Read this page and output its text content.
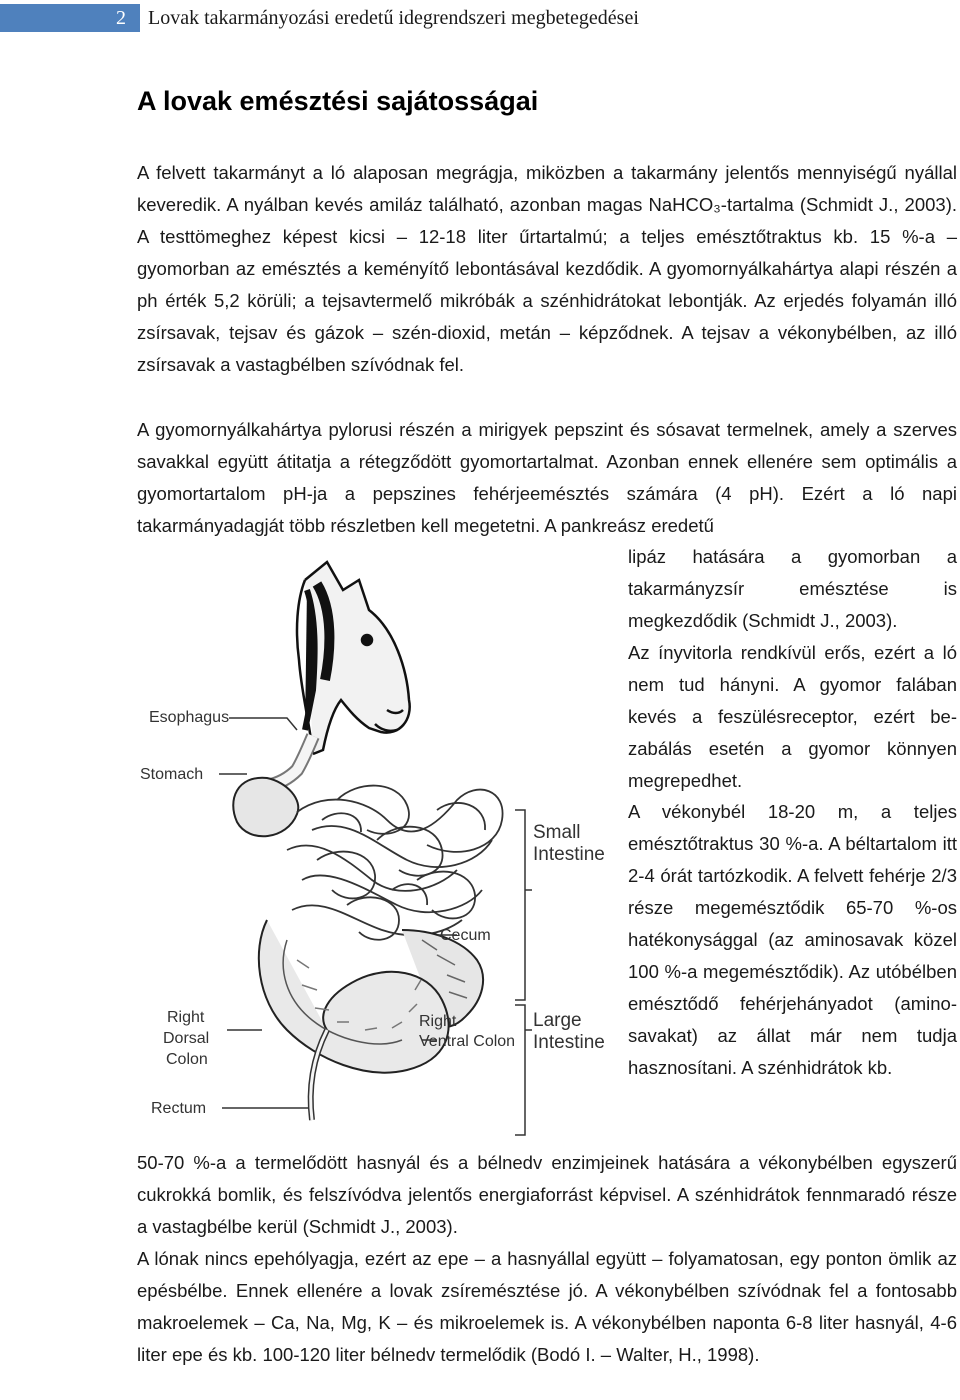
2	Lovak takarmányozási eredetű idegrendszeri megbetegedései
A lovak emésztési sajátosságai

A felvett takarmányt a ló alaposan megrágja, miközben a takarmány jelentős mennyiségű nyállal keveredik. A nyálban kevés amiláz található, azonban magas NaHCO₃-tartalma (Schmidt J., 2003). A testtömeghez képest kicsi – 12-18 liter űrtartalmú; a teljes emésztőtraktus kb. 15 %-a – gyomorban az emésztés a keményítő lebontásával kezdődik. A gyomornyálkahártya alapi részén a ph érték 5,2 körüli; a tejsavtermelő mikróbák a szénhidrátokat lebontják. Az erjedés folyamán illó zsírsavak, tejsav és gázok – szén-dioxid, metán – képződnek. A tejsav a vékonybélben, az illó zsírsavak a vastagbélben szívódnak fel.

A gyomornyálkahártya pylorusi részén a mirigyek pepszint és sósavat termelnek, amely a szerves savakkal együtt átitatja a rétegződött gyomortartalmat. Azonban ennek ellenére sem optimális a gyomortartalom pH-ja a pepszines fehérjeemésztés számára (4 pH). Ezért a ló napi takarmányadagját több részletben kell megetetni. A pankreász eredetű

lipáz hatására a gyomorban a takarmányzsír emésztése is megkezdődik (Schmidt J., 2003).

Az ínyvitorla rendkívül erős, ezért a ló nem tud hányni. A gyomor falában kevés a feszülésreceptor, ezért be-zabálás esetén a gyomor könnyen megrepedhet.

A vékonybél 18-20 m, a teljes emésztőtraktus 30 %-a. A béltartalom itt 2-4 órát tartózkodik. A felvett fehérje 2/3 része megemésztődik 65-70 %-os hatékonysággal (az aminosavak közel 100 %-a megemésztődik). Az utóbélben emésztődő fehérjehányadot (amino-savakat) az állat már nem tudja hasznosítani. A szénhidrátok kb.

50-70 %-a a termelődött hasnyál és a bélnedv enzimjeinek hatására a vékonybélben egyszerű cukrokká bomlik, és felszívódva jelentős energiaforrást képvisel. A szénhidrátok fennmaradó része a vastagbélbe kerül (Schmidt J., 2003).

A lónak nincs epehólyagja, ezért az epe – a hasnyállal együtt – folyamatosan, egy ponton ömlik az epésbélbe. Ennek ellenére a lovak zsíremésztése jó. A vékonybélben szívódnak fel a fontosabb makroelemek – Ca, Na, Mg, K – és mikroelemek is. A vékonybélben naponta 6-8 liter hasnyál, 4-6 liter epe és kb. 100-120 liter bélnedv termelődik (Bodó I. – Walter, H., 1998).

Esophagus
Stomach
Small
Intestine
Cecum
Right
Dorsal
Colon
Right
Ventral Colon
Large
Intestine
Rectum
